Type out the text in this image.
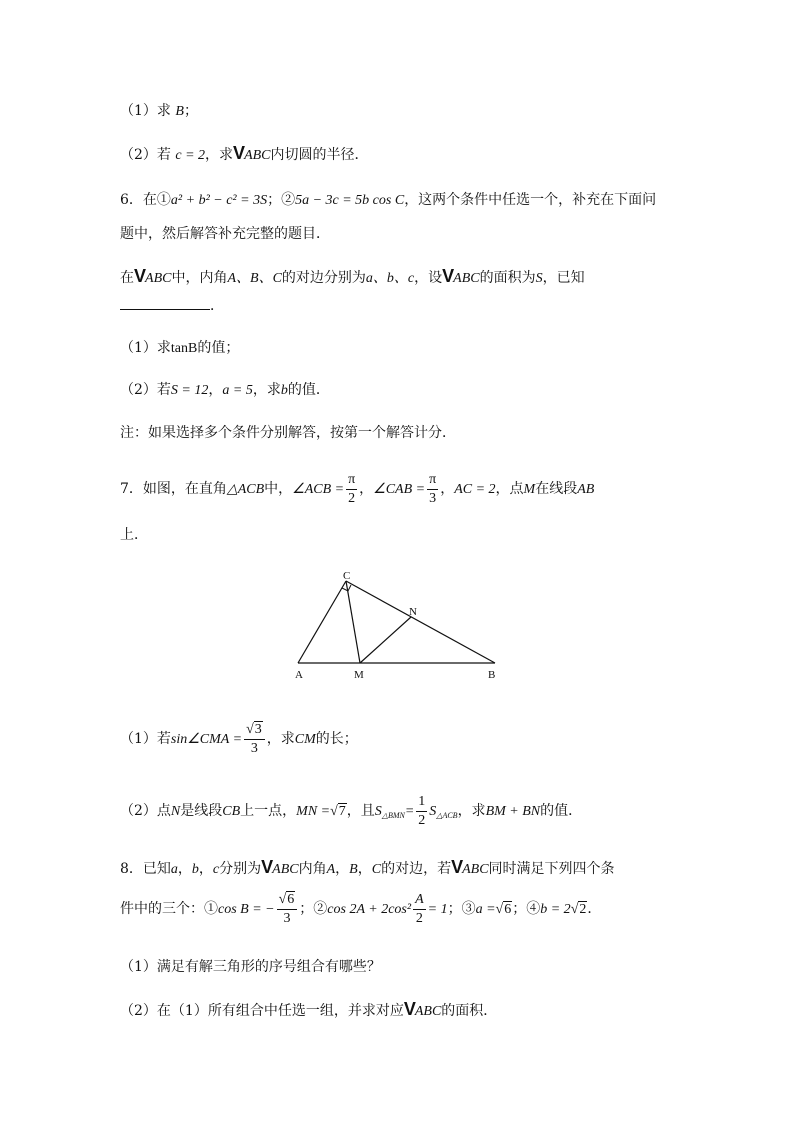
（1）求 B；
（2）若 c = 2，求VABC内切圆的半径．
6．在①a² + b² − c² = 3S；②5a − 3c = 5b cos C，这两个条件中任选一个，补充在下面问
题中，然后解答补充完整的题目．
在VABC中，内角A、B、C的对边分别为a、b、c，设VABC的面积为S，已知
．
（1）求tanB的值；
（2）若S = 12，a = 5，求b的值．
注：如果选择多个条件分别解答，按第一个解答计分．
7．如图，在直角△ACB中，∠ACB = $\frac{\pi}{2}$ ，∠CAB = $\frac{\pi}{3}$ ，AC = 2，点M在线段AB
上．
C
N
A	M	B
（1）若sin∠CMA = $\frac{√3}{3}$ ，求CM的长；
（2）点N是线段CB上一点，MN =√7，且$S_{\triangle BMN}= \frac{1}{2} S_{\triangle ACB}$，求BM + BN的值．
8．已知a，b，c分别为VABC内角A，B，C的对边，若VABC同时满足下列四个条
件中的三个：①cos B = − $\frac{√6}{3}$ ；②cos $2A + 2\cos^2 \frac{A}{2} = 1$；③a =√6；④b = 2√2．
（1）满足有解三角形的序号组合有哪些？
（2）在（1）所有组合中任选一组，并求对应VABC的面积．
